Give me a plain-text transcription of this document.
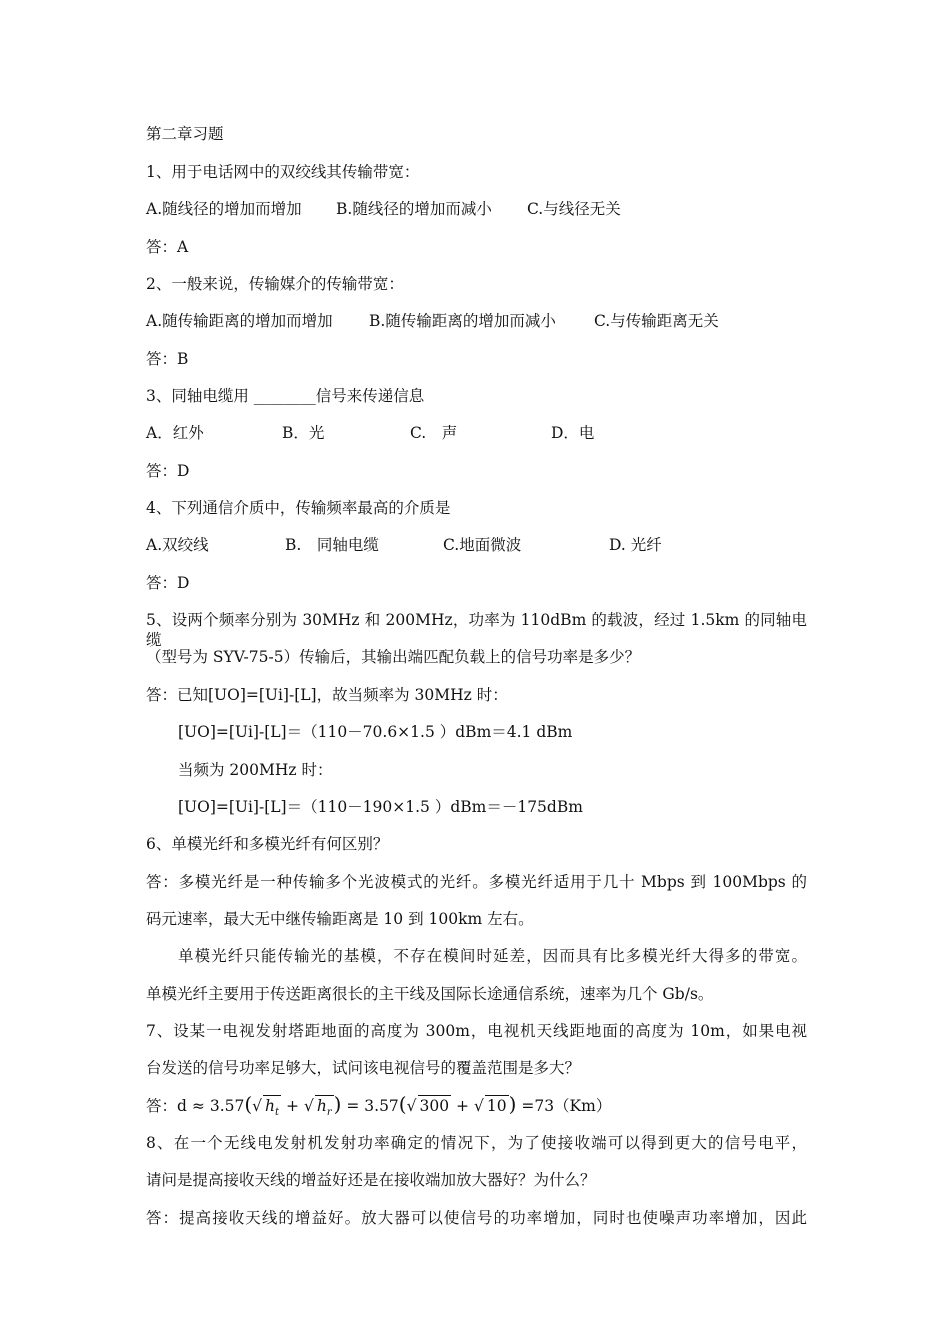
第二章习题

1、用于电话网中的双绞线其传输带宽：

A.随线径的增加而增加 B.随线径的增加而减小 C.与线径无关

答：A

2、一般来说，传输媒介的传输带宽：

A.随传输距离的增加而增加 B.随传输距离的增加而减小 C.与传输距离无关

答：B

3、同轴电缆用 ________信号来传递信息

A．红外	B．光	C.　声	D．电

答：D

4、下列通信介质中，传输频率最高的介质是

A.双绞线	B.　同轴电缆	C.地面微波	D. 光纤

答：D

5、设两个频率分别为 30MHz 和 200MHz，功率为 110dBm 的载波，经过 1.5km 的同轴电缆

（型号为 SYV-75-5）传输后，其输出端匹配负载上的信号功率是多少？

答：已知[UO]=[Ui]-[L]，故当频率为 30MHz 时：

[UO]=[Ui]-[L]＝（110－70.6×1.5 ）dBm＝4.1 dBm

当频为 200MHz 时：

[UO]=[Ui]-[L]＝（110－190×1.5 ）dBm＝－175dBm

6、单模光纤和多模光纤有何区别？

答：多模光纤是一种传输多个光波模式的光纤。多模光纤适用于几十 Mbps 到 100Mbps 的

码元速率，最大无中继传输距离是 10 到 100km 左右。

单模光纤只能传输光的基模，不存在模间时延差，因而具有比多模光纤大得多的带宽。

单模光纤主要用于传送距离很长的主干线及国际长途通信系统，速率为几个 Gb/s。

7、设某一电视发射塔距地面的高度为 300m，电视机天线距地面的高度为 10m，如果电视

台发送的信号功率足够大，试问该电视信号的覆盖范围是多大？

答：d ≈ 3.57(√ $h_t$ + √ $h_r$ ) = 3.57(√ 300 + √ 10 ) =73（Km）

8、在一个无线电发射机发射功率确定的情况下，为了使接收端可以得到更大的信号电平，

请问是提高接收天线的增益好还是在接收端加放大器好？为什么？

答：提高接收天线的增益好。放大器可以使信号的功率增加，同时也使噪声功率增加，因此
